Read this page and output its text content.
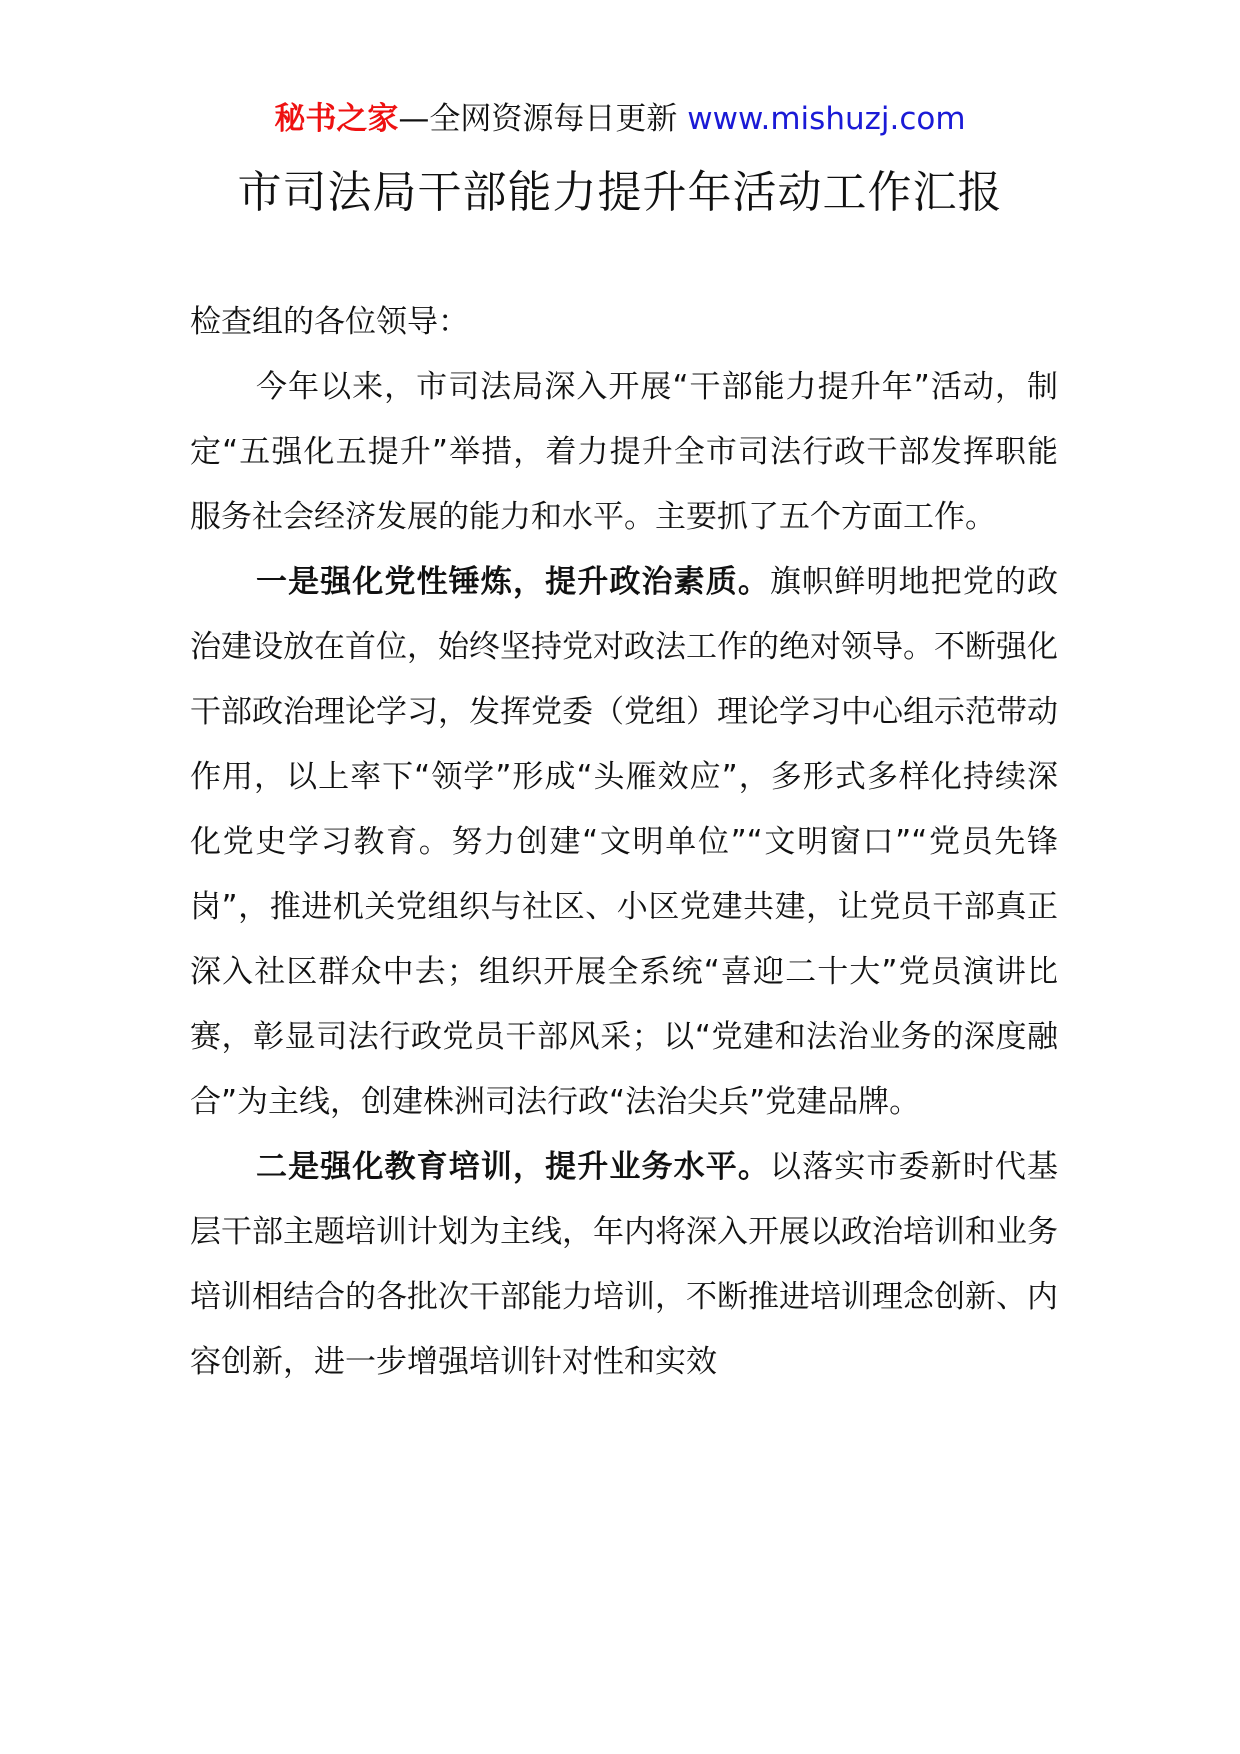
秘书之家—全网资源每日更新 www.mishuzj.com
市司法局干部能力提升年活动工作汇报

检查组的各位领导：

今年以来，市司法局深入开展“干部能力提升年”活动，制定“五强化五提升”举措，着力提升全市司法行政干部发挥职能服务社会经济发展的能力和水平。主要抓了五个方面工作。

一是强化党性锤炼，提升政治素质。旗帜鲜明地把党的政治建设放在首位，始终坚持党对政法工作的绝对领导。不断强化干部政治理论学习，发挥党委（党组）理论学习中心组示范带动作用，以上率下“领学”形成“头雁效应”，多形式多样化持续深化党史学习教育。努力创建“文明单位”“文明窗口”“党员先锋岗”，推进机关党组织与社区、小区党建共建，让党员干部真正深入社区群众中去；组织开展全系统“喜迎二十大”党员演讲比赛，彰显司法行政党员干部风采；以“党建和法治业务的深度融合”为主线，创建株洲司法行政“法治尖兵”党建品牌。

二是强化教育培训，提升业务水平。以落实市委新时代基层干部主题培训计划为主线，年内将深入开展以政治培训和业务培训相结合的各批次干部能力培训，不断推进培训理念创新、内容创新，进一步增强培训针对性和实效
